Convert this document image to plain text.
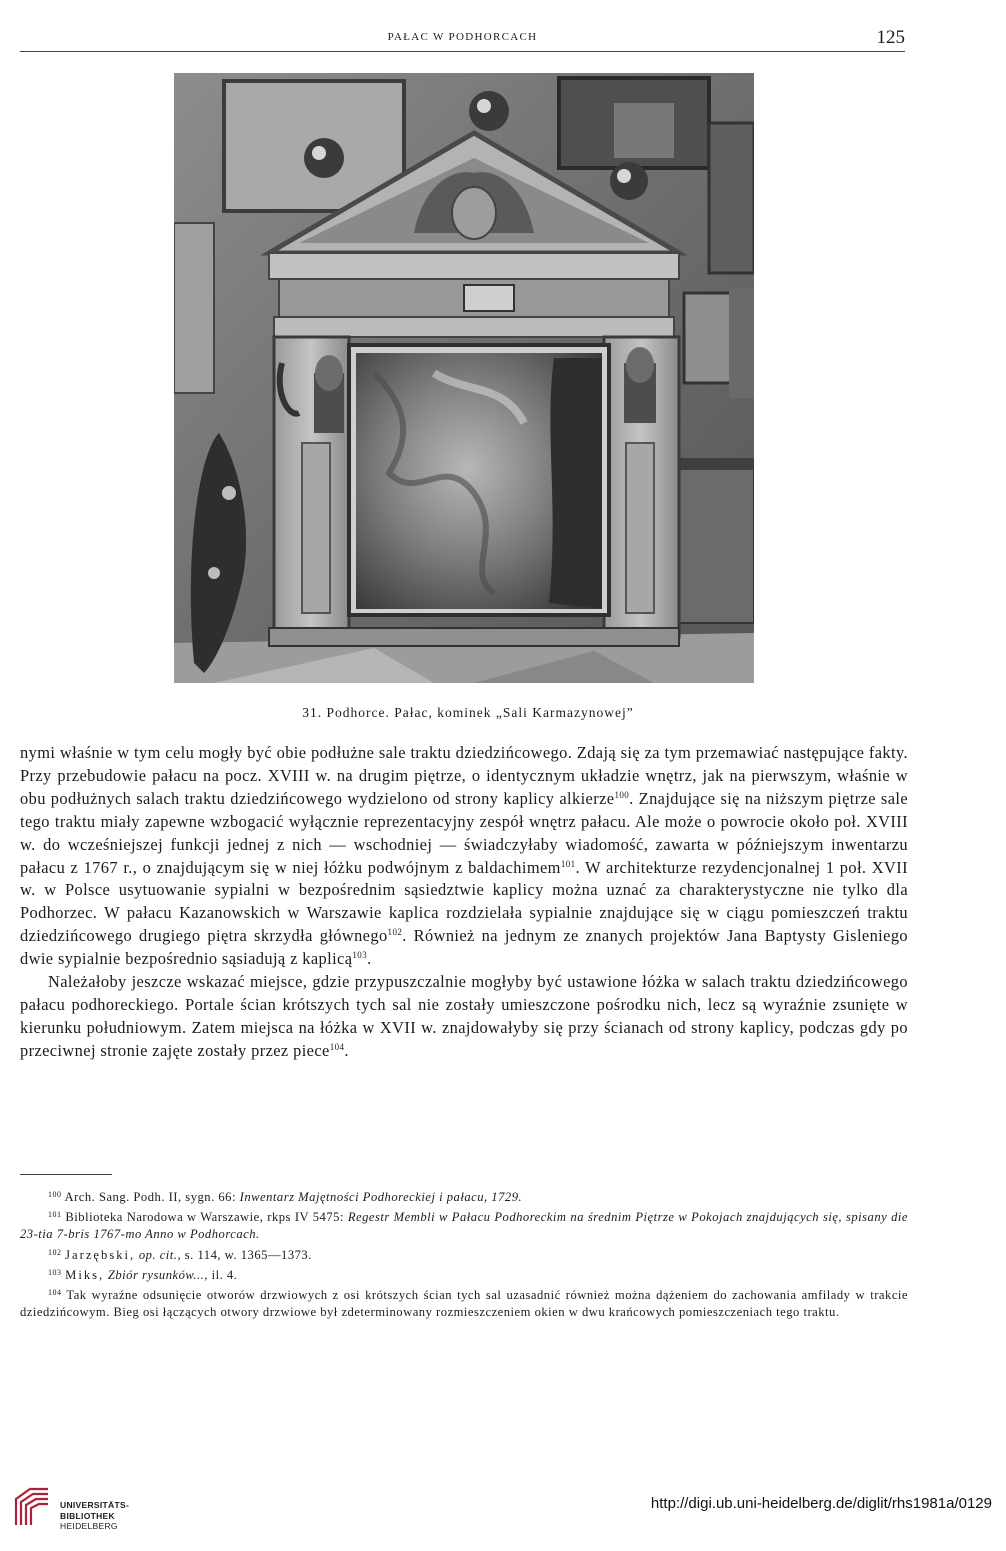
PAŁAC W PODHORCACH	125
31. Podhorce. Pałac, kominek „Sali Karmazynowej”

nymi właśnie w tym celu mogły być obie podłużne sale traktu dziedzińcowego. Zdają się za tym przemawiać następujące fakty. Przy przebudowie pałacu na pocz. XVIII w. na drugim piętrze, o identycznym układzie wnętrz, jak na pierwszym, właśnie w obu podłużnych salach traktu dziedzińcowego wydzielono od strony kaplicy alkierze$^{100}$. Znajdujące się na niższym piętrze sale tego traktu miały zapewne wzbogacić wyłącznie reprezentacyjny zespół wnętrz pałacu. Ale może o powrocie około poł. XVIII w. do wcześniejszej funkcji jednej z nich — wschodniej — świadczyłaby wiadomość, zawarta w późniejszym inwentarzu pałacu z 1767 r., o znajdującym się w niej łóżku podwójnym z baldachimem$^{101}$. W architekturze rezydencjonalnej 1 poł. XVII w. w Polsce usytuowanie sypialni w bezpośrednim sąsiedztwie kaplicy można uznać za charakterystyczne nie tylko dla Podhorzec. W pałacu Kazanowskich w Warszawie kaplica rozdzielała sypialnie znajdujące się w ciągu pomieszczeń traktu dziedzińcowego drugiego piętra skrzydła głównego$^{102}$. Również na jednym ze znanych projektów Jana Baptysty Gisleniego dwie sypialnie bezpośrednio sąsiadują z kaplicą$^{103}$.

Należałoby jeszcze wskazać miejsce, gdzie przypuszczalnie mogłyby być ustawione łóżka w salach traktu dziedzińcowego pałacu podhoreckiego. Portale ścian krótszych tych sal nie zostały umieszczone pośrodku nich, lecz są wyraźnie zsunięte w kierunku południowym. Zatem miejsca na łóżka w XVII w. znajdowałyby się przy ścianach od strony kaplicy, podczas gdy po przeciwnej stronie zajęte zostały przez piece$^{104}$.

$^{100}$ Arch. Sang. Podh. II, sygn. 66: Inwentarz Majętności Podhoreckiej i pałacu, 1729.

$^{101}$ Biblioteka Narodowa w Warszawie, rkps IV 5475: Regestr Membli w Pałacu Podhoreckim na średnim Piętrze w Pokojach znajdujących się, spisany die 23-tia 7-bris 1767-mo Anno w Podhorcach.

$^{102}$ Jarzębski, op. cit., s. 114, w. 1365—1373.

$^{103}$ Miks, Zbiór rysunków..., il. 4.

$^{104}$ Tak wyraźne odsunięcie otworów drzwiowych z osi krótszych ścian tych sal uzasadnić również można dążeniem do zachowania amfilady w trakcie dziedzińcowym. Bieg osi łączących otwory drzwiowe był zdeterminowany rozmieszczeniem okien w dwu krańcowych pomieszczeniach tego traktu.

UNIVERSITÄTS-
BIBLIOTHEK
HEIDELBERG
http://digi.ub.uni-heidelberg.de/diglit/rhs1981a/0129
